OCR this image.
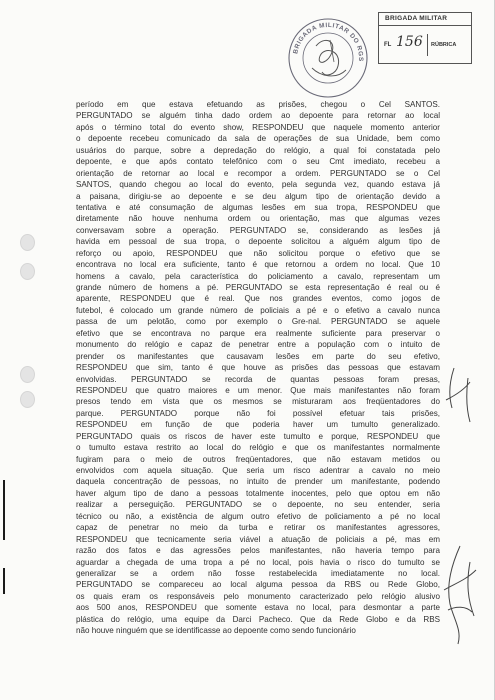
BRIGADA MILITAR
FL 156 RÚBRICA
BRIGADA MILITAR DO RGS
período em que estava efetuando as prisões, chegou o Cel SANTOS.
PERGUNTADO se alguém tinha dado ordem ao depoente para retornar ao local
após o término total do evento show, RESPONDEU que naquele momento anterior
o depoente recebeu comunicado da sala de operações de sua Unidade, bem como
usuários do parque, sobre a depredação do relógio, a qual foi constatada pelo
depoente, e que após contato telefônico com o seu Cmt imediato, recebeu a
orientação de retornar ao local e recompor a ordem. PERGUNTADO se o Cel
SANTOS, quando chegou ao local do evento, pela segunda vez, quando estava já
a paisana, dirigiu-se ao depoente e se deu algum tipo de orientação devido a
tentativa e até consumação de algumas lesões em sua tropa, RESPONDEU que
diretamente não houve nenhuma ordem ou orientação, mas que algumas vezes
conversavam sobre a operação. PERGUNTADO se, considerando as lesões já
havida em pessoal de sua tropa, o depoente solicitou a alguém algum tipo de
reforço ou apoio, RESPONDEU que não solicitou porque o efetivo que se
encontrava no local era suficiente, tanto é que retornou a ordem no local. Que 10
homens a cavalo, pela característica do policiamento a cavalo, representam um
grande número de homens a pé. PERGUNTADO se esta representação é real ou é
aparente, RESPONDEU que é real. Que nos grandes eventos, como jogos de
futebol, é colocado um grande número de policiais a pé e o efetivo a cavalo nunca
passa de um pelotão, como por exemplo o Gre-nal. PERGUNTADO se aquele
efetivo que se encontrava no parque era realmente suficiente para preservar o
monumento do relógio e capaz de penetrar entre a população com o intuito de
prender os manifestantes que causavam lesões em parte do seu efetivo,
RESPONDEU que sim, tanto é que houve as prisões das pessoas que estavam
envolvidas. PERGUNTADO se recorda de quantas pessoas foram presas,
RESPONDEU que quatro maiores e um menor. Que mais manifestantes não foram
presos tendo em vista que os mesmos se misturaram aos freqüentadores do
parque. PERGUNTADO porque não foi possível efetuar tais prisões,
RESPONDEU em função de que poderia haver um tumulto generalizado.
PERGUNTADO quais os riscos de haver este tumulto e porque, RESPONDEU que
o tumulto estava restrito ao local do relógio e que os manifestantes normalmente
fugiram para o meio de outros freqüentadores, que não estavam metidos ou
envolvidos com aquela situação. Que seria um risco adentrar a cavalo no meio
daquela concentração de pessoas, no intuito de prender um manifestante, podendo
haver algum tipo de dano a pessoas totalmente inocentes, pelo que optou em não
realizar a perseguição. PERGUNTADO se o depoente, no seu entender, seria
técnico ou não, a existência de algum outro efetivo de policiamento a pé no local
capaz de penetrar no meio da turba e retirar os manifestantes agressores,
RESPONDEU que tecnicamente seria viável a atuação de policiais a pé, mas em
razão dos fatos e das agressões pelos manifestantes, não haveria tempo para
aguardar a chegada de uma tropa a pé no local, pois havia o risco do tumulto se
generalizar se a ordem não fosse restabelecida imediatamente no local.
PERGUNTADO se compareceu ao local alguma pessoa da RBS ou Rede Globo,
os quais eram os responsáveis pelo monumento caracterizado pelo relógio alusivo
aos 500 anos, RESPONDEU que somente estava no local, para desmontar a parte
plástica do relógio, uma equipe da Darci Pacheco. Que da Rede Globo e da RBS
não houve ninguém que se identificasse ao depoente como sendo funcionário
